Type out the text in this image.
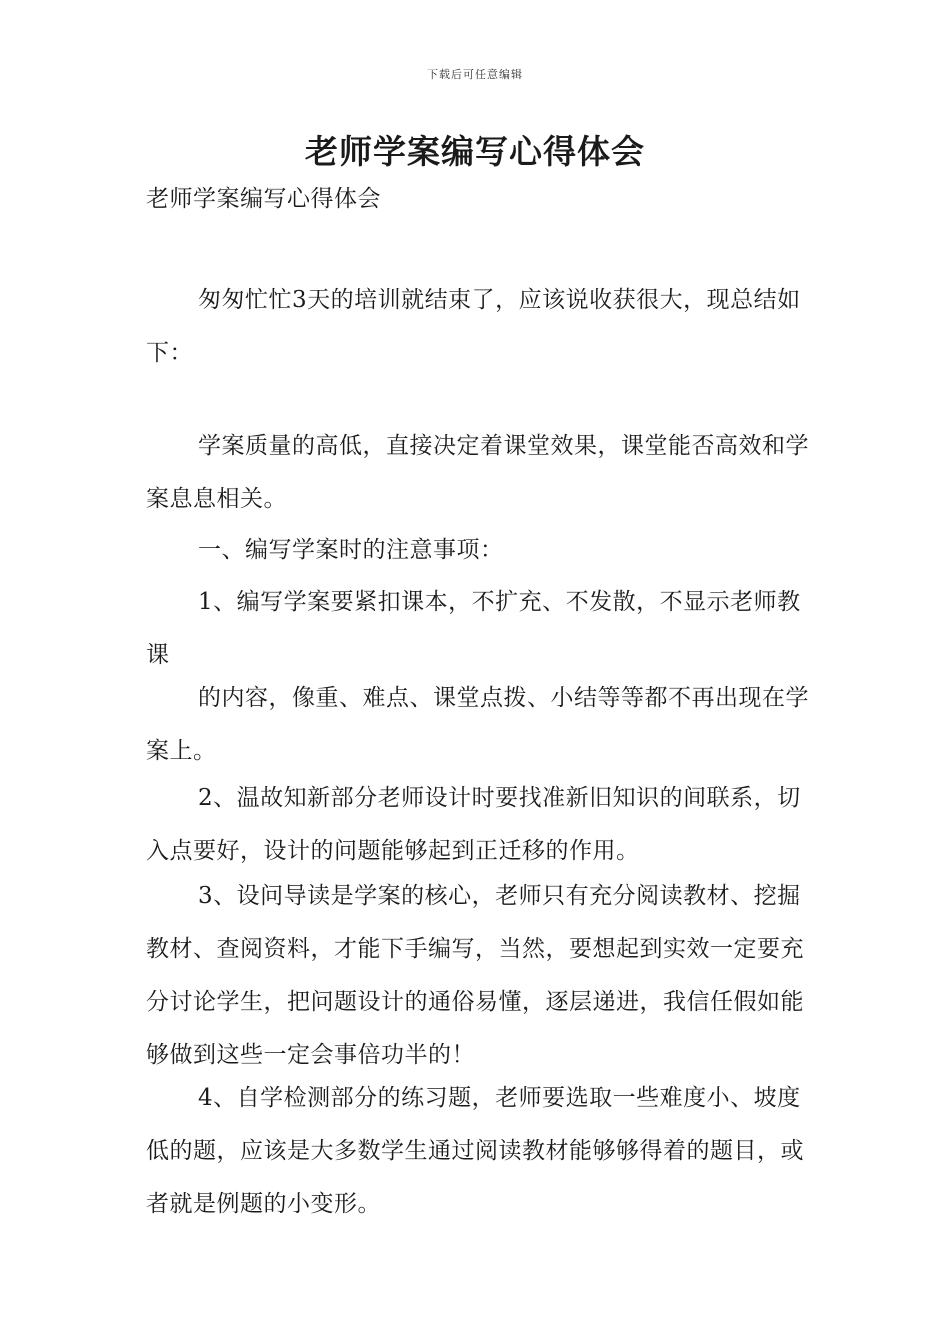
下载后可任意编辑
老师学案编写心得体会

老师学案编写心得体会

匆匆忙忙3天的培训就结束了，应该说收获很大，现总结如下：

学案质量的高低，直接决定着课堂效果，课堂能否高效和学案息息相关。

一、编写学案时的注意事项：

1、编写学案要紧扣课本，不扩充、不发散，不显示老师教课

的内容，像重、难点、课堂点拨、小结等等都不再出现在学案上。

2、温故知新部分老师设计时要找准新旧知识的间联系，切入点要好，设计的问题能够起到正迁移的作用。

3、设问导读是学案的核心，老师只有充分阅读教材、挖掘教材、查阅资料，才能下手编写，当然，要想起到实效一定要充分讨论学生，把问题设计的通俗易懂，逐层递进，我信任假如能够做到这些一定会事倍功半的！

4、自学检测部分的练习题，老师要选取一些难度小、坡度低的题，应该是大多数学生通过阅读教材能够够得着的题目，或者就是例题的小变形。
